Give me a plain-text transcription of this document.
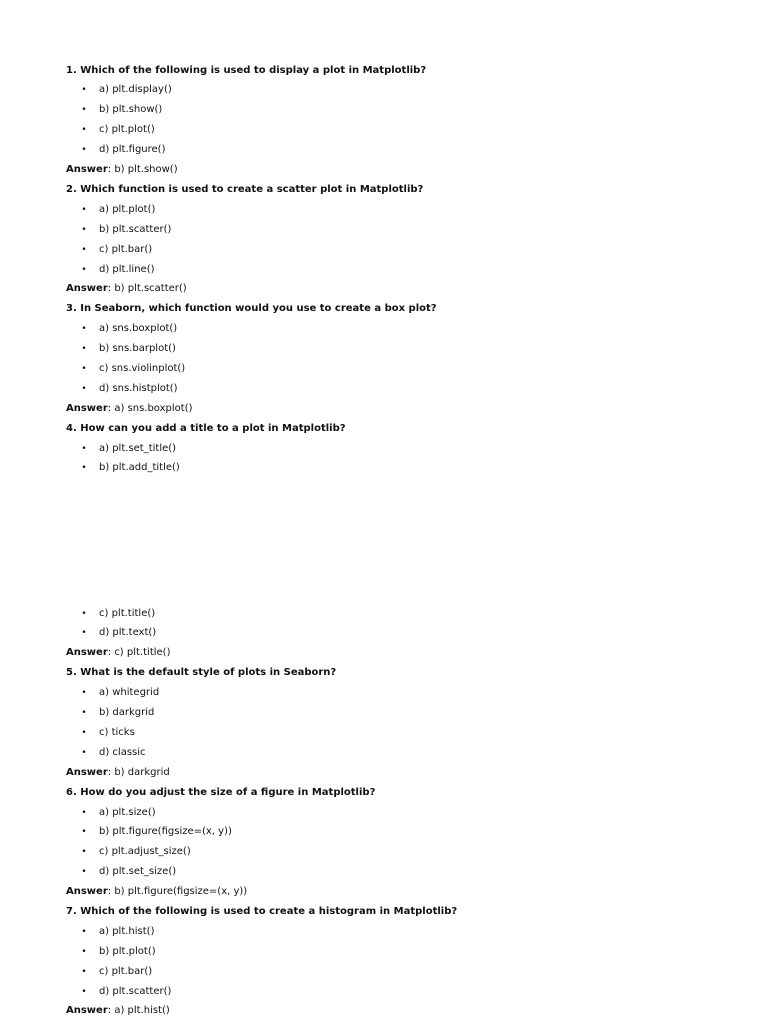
1. Which of the following is used to display a plot in Matplotlib?
• a) plt.display()
• b) plt.show()
• c) plt.plot()
• d) plt.figure()
Answer: b) plt.show()
2. Which function is used to create a scatter plot in Matplotlib?
• a) plt.plot()
• b) plt.scatter()
• c) plt.bar()
• d) plt.line()
Answer: b) plt.scatter()
3. In Seaborn, which function would you use to create a box plot?
• a) sns.boxplot()
• b) sns.barplot()
• c) sns.violinplot()
• d) sns.histplot()
Answer: a) sns.boxplot()
4. How can you add a title to a plot in Matplotlib?
• a) plt.set_title()
• b) plt.add_title()
• c) plt.title()
• d) plt.text()
Answer: c) plt.title()
5. What is the default style of plots in Seaborn?
• a) whitegrid
• b) darkgrid
• c) ticks
• d) classic
Answer: b) darkgrid
6. How do you adjust the size of a figure in Matplotlib?
• a) plt.size()
• b) plt.figure(figsize=(x, y))
• c) plt.adjust_size()
• d) plt.set_size()
Answer: b) plt.figure(figsize=(x, y))
7. Which of the following is used to create a histogram in Matplotlib?
• a) plt.hist()
• b) plt.plot()
• c) plt.bar()
• d) plt.scatter()
Answer: a) plt.hist()
